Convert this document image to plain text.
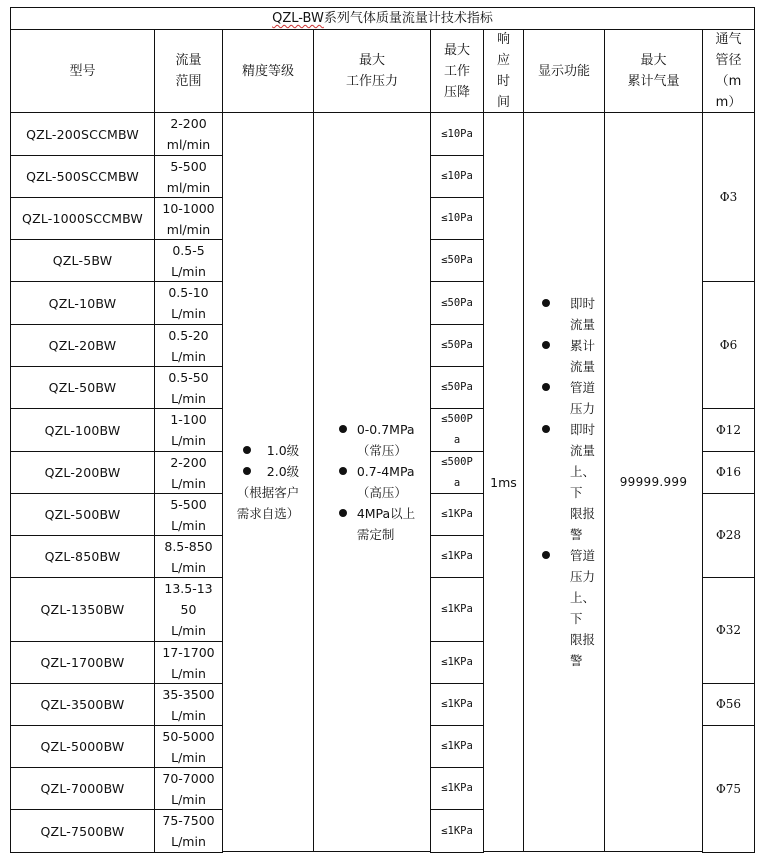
QZL-BW 系列气体质量流量计技术指标
型号
流量
范围
精度等级
最大
工作压力
最大
工作
压降
响
应
时
间
显示功能
最大
累计气量
通气
管径
（m
m）
QZL-200SCCMBW
2-200
ml/min
≤10Pa
QZL-500SCCMBW
5-500
ml/min
≤10Pa
QZL-1000SCCMBW
10-1000
ml/min
≤10Pa
QZL-5BW
0.5-5
L/min
≤50Pa
QZL-10BW
0.5-10
L/min
≤50Pa
QZL-20BW
0.5-20
L/min
≤50Pa
QZL-50BW
0.5-50
L/min
≤50Pa
QZL-100BW
1-100
L/min
≤500P
a
QZL-200BW
2-200
L/min
≤500P
a
QZL-500BW
5-500
L/min
≤1KPa
QZL-850BW
8.5-850
L/min
≤1KPa
QZL-1350BW
13.5-13
50
L/min
≤1KPa
QZL-1700BW
17-1700
L/min
≤1KPa
QZL-3500BW
35-3500
L/min
≤1KPa
QZL-5000BW
50-5000
L/min
≤1KPa
QZL-7000BW
70-7000
L/min
≤1KPa
QZL-7500BW
75-7500
L/min
≤1KPa
1.0级
2.0级
（根据客户
需求自选）
0-0.7MPa
（常压）
0.7-4MPa
（高压）
4MPa以上
需定制
1ms
即时
流量
累计
流量
管道
压力
即时
流量
上、下
限报
警
管道
压力
上、下
限报
警
99999.999
Φ3
Φ6
Φ12
Φ16
Φ28
Φ32
Φ56
Φ75
